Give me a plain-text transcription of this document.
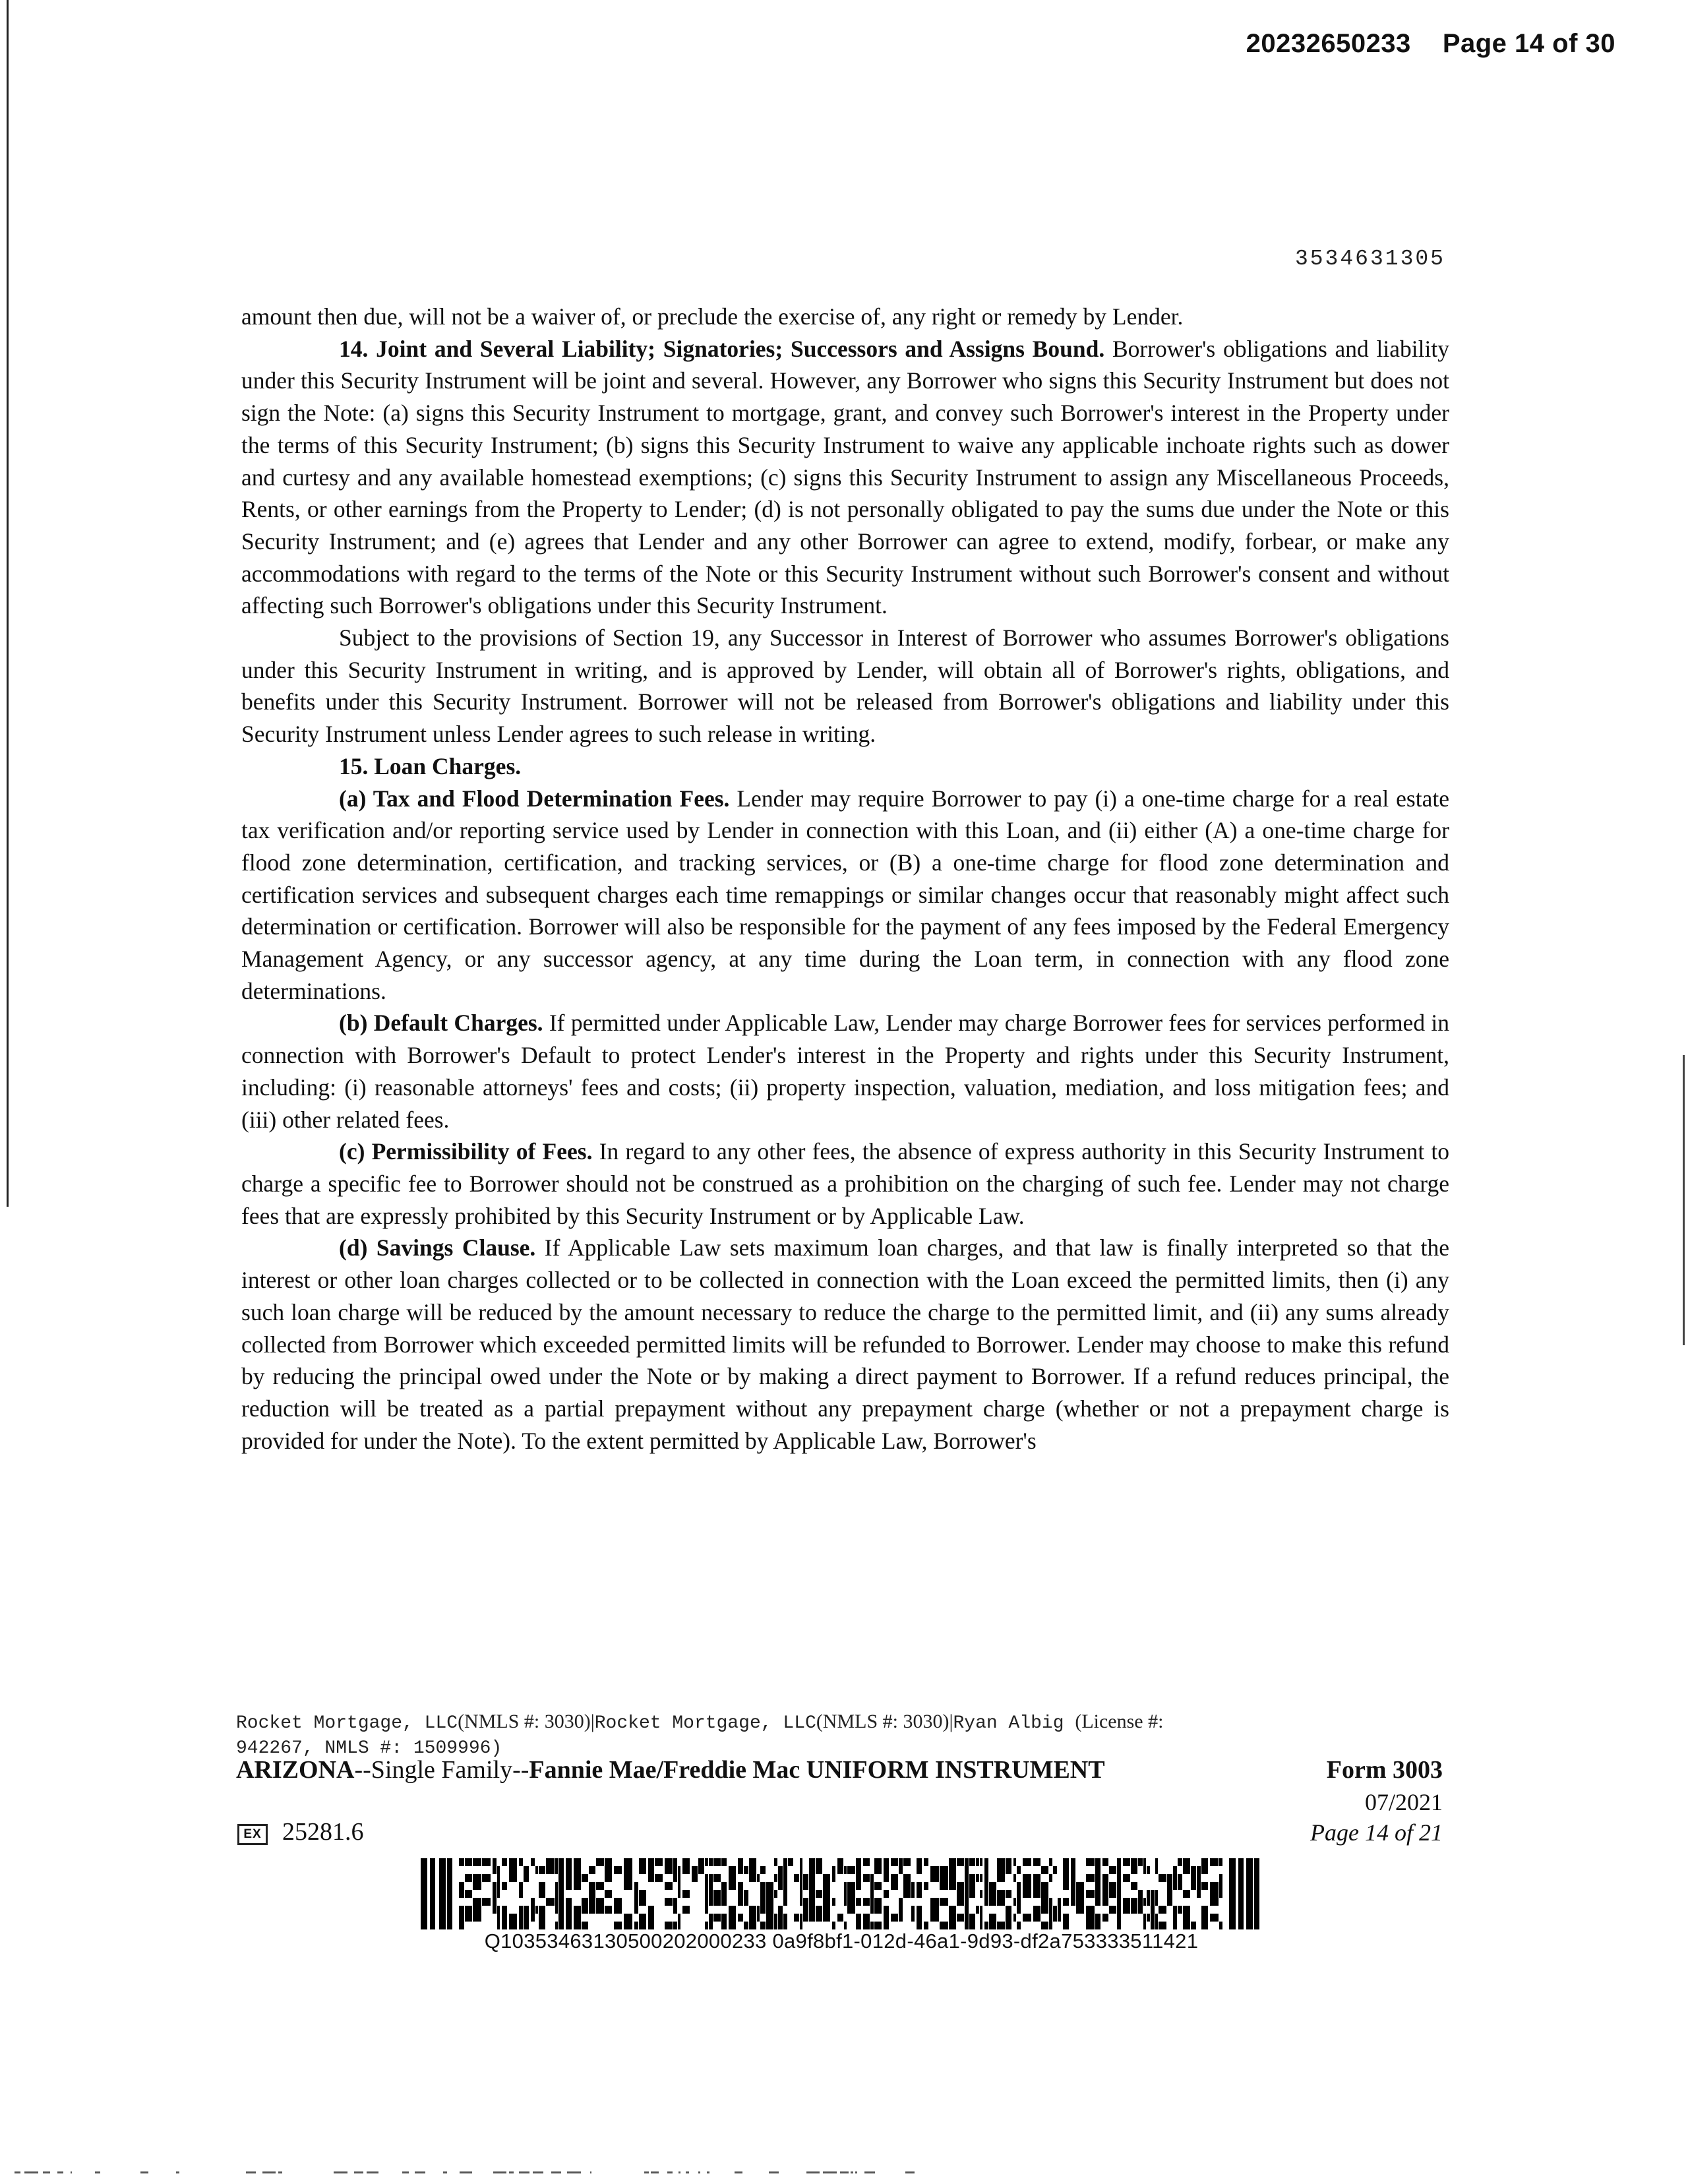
20232650233 Page 14 of 30
3534631305

amount then due, will not be a waiver of, or preclude the exercise of, any right or remedy by Lender.

14. Joint and Several Liability; Signatories; Successors and Assigns Bound. Borrower's obligations and liability under this Security Instrument will be joint and several. However, any Borrower who signs this Security Instrument but does not sign the Note: (a) signs this Security Instrument to mortgage, grant, and convey such Borrower's interest in the Property under the terms of this Security Instrument; (b) signs this Security Instrument to waive any applicable inchoate rights such as dower and curtesy and any available homestead exemptions; (c) signs this Security Instrument to assign any Miscellaneous Proceeds, Rents, or other earnings from the Property to Lender; (d) is not personally obligated to pay the sums due under the Note or this Security Instrument; and (e) agrees that Lender and any other Borrower can agree to extend, modify, forbear, or make any accommodations with regard to the terms of the Note or this Security Instrument without such Borrower's consent and without affecting such Borrower's obligations under this Security Instrument.

Subject to the provisions of Section 19, any Successor in Interest of Borrower who assumes Borrower's obligations under this Security Instrument in writing, and is approved by Lender, will obtain all of Borrower's rights, obligations, and benefits under this Security Instrument. Borrower will not be released from Borrower's obligations and liability under this Security Instrument unless Lender agrees to such release in writing.

15. Loan Charges.

(a) Tax and Flood Determination Fees. Lender may require Borrower to pay (i) a one-time charge for a real estate tax verification and/or reporting service used by Lender in connection with this Loan, and (ii) either (A) a one-time charge for flood zone determination, certification, and tracking services, or (B) a one-time charge for flood zone determination and certification services and subsequent charges each time remappings or similar changes occur that reasonably might affect such determination or certification. Borrower will also be responsible for the payment of any fees imposed by the Federal Emergency Management Agency, or any successor agency, at any time during the Loan term, in connection with any flood zone determinations.

(b) Default Charges. If permitted under Applicable Law, Lender may charge Borrower fees for services performed in connection with Borrower's Default to protect Lender's interest in the Property and rights under this Security Instrument, including: (i) reasonable attorneys' fees and costs; (ii) property inspection, valuation, mediation, and loss mitigation fees; and (iii) other related fees.

(c) Permissibility of Fees. In regard to any other fees, the absence of express authority in this Security Instrument to charge a specific fee to Borrower should not be construed as a prohibition on the charging of such fee. Lender may not charge fees that are expressly prohibited by this Security Instrument or by Applicable Law.

(d) Savings Clause. If Applicable Law sets maximum loan charges, and that law is finally interpreted so that the interest or other loan charges collected or to be collected in connection with the Loan exceed the permitted limits, then (i) any such loan charge will be reduced by the amount necessary to reduce the charge to the permitted limit, and (ii) any sums already collected from Borrower which exceeded permitted limits will be refunded to Borrower. Lender may choose to make this refund by reducing the principal owed under the Note or by making a direct payment to Borrower. If a refund reduces principal, the reduction will be treated as a partial prepayment without any prepayment charge (whether or not a prepayment charge is provided for under the Note). To the extent permitted by Applicable Law, Borrower's

Rocket Mortgage, LLC(NMLS #: 3030)|Rocket Mortgage, LLC(NMLS #: 3030)|Ryan Albig (License #:
942267, NMLS #: 1509996)
ARIZONA--Single Family--Fannie Mae/Freddie Mac UNIFORM INSTRUMENT	Form 3003
07/2021
Page 14 of 21
EX 25281.6
Q10353463130500202000233 0a9f8bf1-012d-46a1-9d93-df2a753333511421
